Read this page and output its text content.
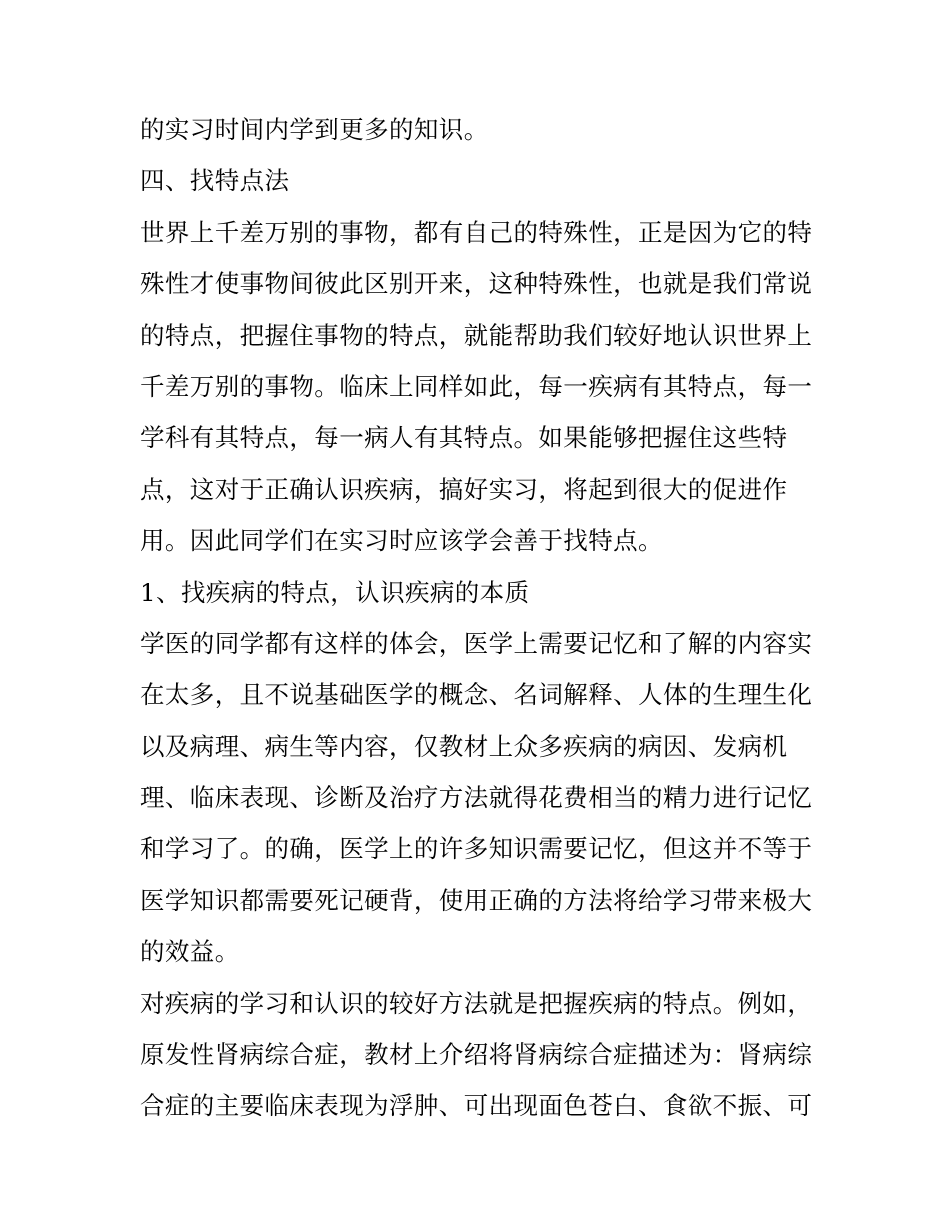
的实习时间内学到更多的知识。
四、找特点法
世界上千差万别的事物，都有自己的特殊性，正是因为它的特
殊性才使事物间彼此区别开来，这种特殊性，也就是我们常说
的特点，把握住事物的特点，就能帮助我们较好地认识世界上
千差万别的事物。临床上同样如此，每一疾病有其特点，每一
学科有其特点，每一病人有其特点。如果能够把握住这些特
点，这对于正确认识疾病，搞好实习，将起到很大的促进作
用。因此同学们在实习时应该学会善于找特点。
1、找疾病的特点，认识疾病的本质
学医的同学都有这样的体会，医学上需要记忆和了解的内容实
在太多，且不说基础医学的概念、名词解释、人体的生理生化
以及病理、病生等内容，仅教材上众多疾病的病因、发病机
理、临床表现、诊断及治疗方法就得花费相当的精力进行记忆
和学习了。的确，医学上的许多知识需要记忆，但这并不等于
医学知识都需要死记硬背，使用正确的方法将给学习带来极大
的效益。
对疾病的学习和认识的较好方法就是把握疾病的特点。例如，
原发性肾病综合症，教材上介绍将肾病综合症描述为：肾病综
合症的主要临床表现为浮肿、可出现面色苍白、食欲不振、可
